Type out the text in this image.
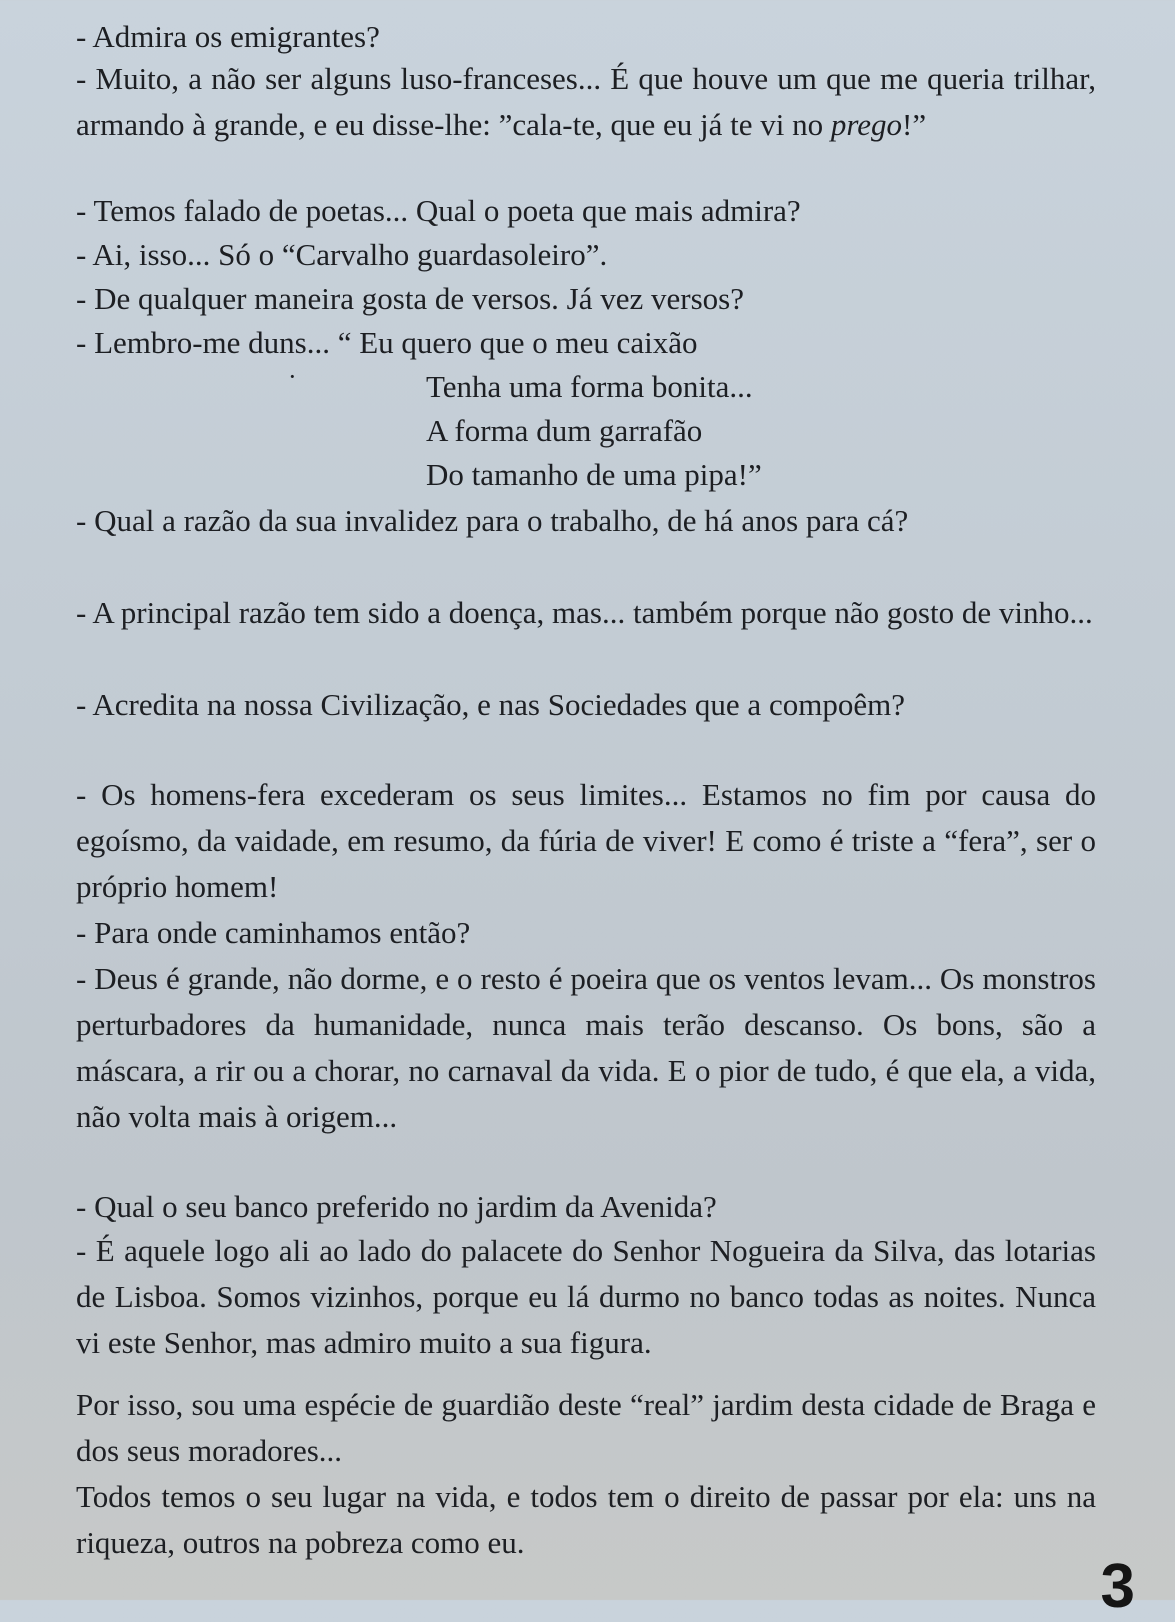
- Admira os emigrantes?

- Muito, a não ser alguns luso-franceses... É que houve um que me queria trilhar, armando à grande, e eu disse-lhe: ”cala-te, que eu já te vi no prego!”

- Temos falado de poetas... Qual o poeta que mais admira?

- Ai, isso... Só o “Carvalho guardasoleiro”.

- De qualquer maneira gosta de versos. Já vez versos?

- Lembro-me duns... “ Eu quero que o meu caixão

·	Tenha uma forma bonita...
A forma dum garrafão
Do tamanho de uma pipa!”

- Qual a razão da sua invalidez para o trabalho, de há anos para cá?

- A principal razão tem sido a doença, mas... também porque não gosto de vinho...

- Acredita na nossa Civilização, e nas Sociedades que a compoêm?

- Os homens-fera excederam os seus limites... Estamos no fim por causa do egoísmo, da vaidade, em resumo, da fúria de viver! E como é triste a “fera”, ser o próprio homem!

- Para onde caminhamos então?

- Deus é grande, não dorme, e o resto é poeira que os ventos levam... Os monstros perturbadores da humanidade, nunca mais terão descanso. Os bons, são a máscara, a rir ou a chorar, no carnaval da vida. E o pior de tudo, é que ela, a vida, não volta mais à origem...

- Qual o seu banco preferido no jardim da Avenida?

- É aquele logo ali ao lado do palacete do Senhor Nogueira da Silva, das lotarias de Lisboa. Somos vizinhos, porque eu lá durmo no banco todas as noites. Nunca vi este Senhor, mas admiro muito a sua figura.

Por isso, sou uma espécie de guardião deste “real” jardim desta cidade de Braga e dos seus moradores...

Todos temos o seu lugar na vida, e todos tem o direito de passar por ela: uns na riqueza, outros na pobreza como eu.

3
